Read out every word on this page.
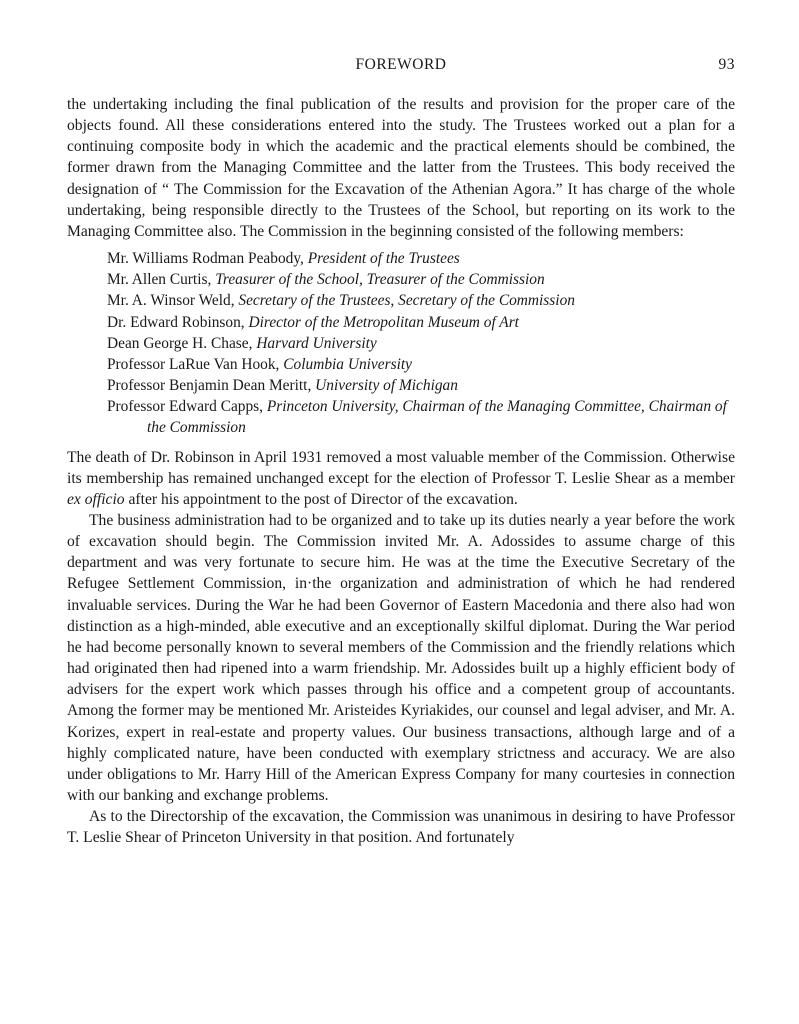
FOREWORD	93

the undertaking including the final publication of the results and provision for the proper care of the objects found. All these considerations entered into the study. The Trustees worked out a plan for a continuing composite body in which the academic and the practical elements should be combined, the former drawn from the Managing Committee and the latter from the Trustees. This body received the designation of “ The Commission for the Excavation of the Athenian Agora.” It has charge of the whole undertaking, being responsible directly to the Trustees of the School, but reporting on its work to the Managing Committee also. The Commission in the beginning consisted of the following members:

Mr. Williams Rodman Peabody, President of the Trustees
Mr. Allen Curtis, Treasurer of the School, Treasurer of the Commission
Mr. A. Winsor Weld, Secretary of the Trustees, Secretary of the Commission
Dr. Edward Robinson, Director of the Metropolitan Museum of Art
Dean George H. Chase, Harvard University
Professor LaRue Van Hook, Columbia University
Professor Benjamin Dean Meritt, University of Michigan
Professor Edward Capps, Princeton University, Chairman of the Managing Committee, Chairman of the Commission

The death of Dr. Robinson in April 1931 removed a most valuable member of the Commission. Otherwise its membership has remained unchanged except for the election of Professor T. Leslie Shear as a member ex officio after his appointment to the post of Director of the excavation.

The business administration had to be organized and to take up its duties nearly a year before the work of excavation should begin. The Commission invited Mr. A. Adossides to assume charge of this department and was very fortunate to secure him. He was at the time the Executive Secretary of the Refugee Settlement Commission, in·the organization and administration of which he had rendered invaluable services. During the War he had been Governor of Eastern Macedonia and there also had won distinction as a high-minded, able executive and an exceptionally skilful diplomat. During the War period he had become personally known to several members of the Commission and the friendly relations which had originated then had ripened into a warm friendship. Mr. Adossides built up a highly efficient body of advisers for the expert work which passes through his office and a competent group of accountants. Among the former may be mentioned Mr. Aristeides Kyriakides, our counsel and legal adviser, and Mr. A. Korizes, expert in real-estate and property values. Our business transactions, although large and of a highly complicated nature, have been conducted with exemplary strictness and accuracy. We are also under obligations to Mr. Harry Hill of the American Express Company for many courtesies in connection with our banking and exchange problems.

As to the Directorship of the excavation, the Commission was unanimous in desiring to have Professor T. Leslie Shear of Princeton University in that position. And fortunately
